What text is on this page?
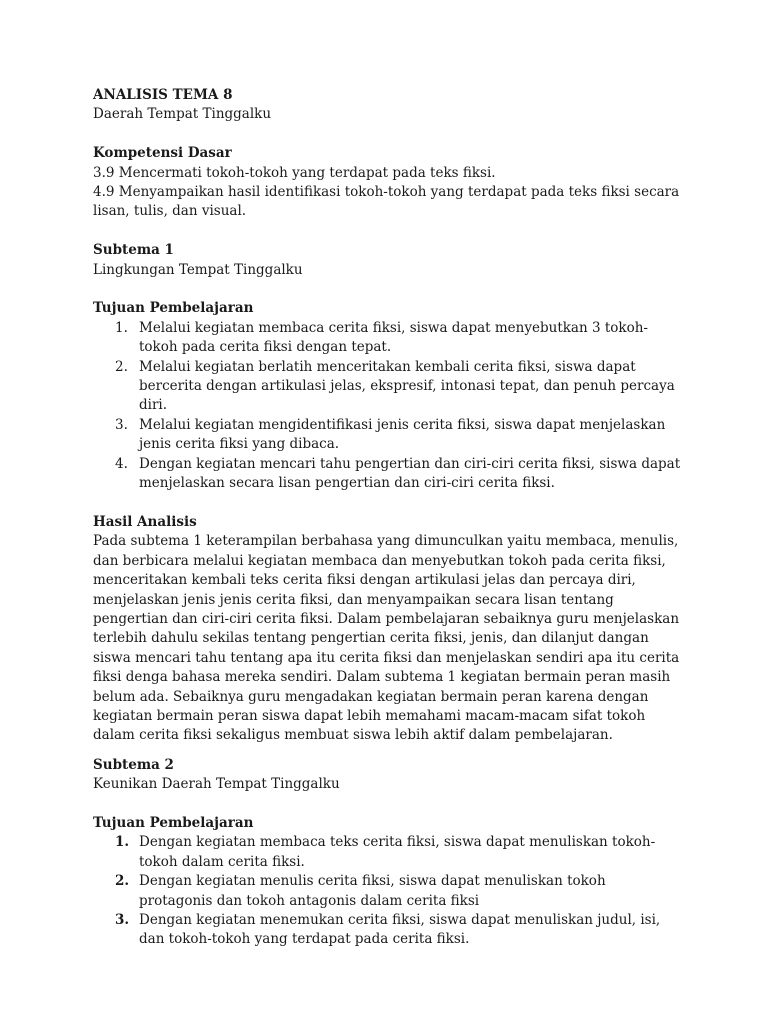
ANALISIS TEMA 8

Daerah Tempat Tinggalku

Kompetensi Dasar

3.9 Mencermati tokoh-tokoh yang terdapat pada teks fiksi.

4.9 Menyampaikan hasil identifikasi tokoh-tokoh yang terdapat pada teks fiksi secara lisan, tulis, dan visual.

Subtema 1

Lingkungan Tempat Tinggalku

Tujuan Pembelajaran

1. Melalui kegiatan membaca cerita fiksi, siswa dapat menyebutkan 3 tokoh-tokoh pada cerita fiksi dengan tepat.
2. Melalui kegiatan berlatih menceritakan kembali cerita fiksi, siswa dapat bercerita dengan artikulasi jelas, ekspresif, intonasi tepat, dan penuh percaya diri.
3. Melalui kegiatan mengidentifikasi jenis cerita fiksi, siswa dapat menjelaskan jenis cerita fiksi yang dibaca.
4. Dengan kegiatan mencari tahu pengertian dan ciri-ciri cerita fiksi, siswa dapat menjelaskan secara lisan pengertian dan ciri-ciri cerita fiksi.

Hasil Analisis

Pada subtema 1 keterampilan berbahasa yang dimunculkan yaitu membaca, menulis, dan berbicara melalui kegiatan membaca dan menyebutkan tokoh pada cerita fiksi, menceritakan kembali teks cerita fiksi dengan artikulasi jelas dan percaya diri, menjelaskan jenis jenis cerita fiksi, dan menyampaikan secara lisan tentang pengertian dan ciri-ciri cerita fiksi. Dalam pembelajaran sebaiknya guru menjelaskan terlebih dahulu sekilas tentang pengertian cerita fiksi, jenis, dan dilanjut dangan siswa mencari tahu tentang apa itu cerita fiksi dan menjelaskan sendiri apa itu cerita fiksi denga bahasa mereka sendiri. Dalam subtema 1 kegiatan bermain peran masih belum ada. Sebaiknya guru mengadakan kegiatan bermain peran karena dengan kegiatan bermain peran siswa dapat lebih memahami macam-macam sifat tokoh dalam cerita fiksi sekaligus membuat siswa lebih aktif dalam pembelajaran.

Subtema 2

Keunikan Daerah Tempat Tinggalku

Tujuan Pembelajaran

1. Dengan kegiatan membaca teks cerita fiksi, siswa dapat menuliskan tokoh-tokoh dalam cerita fiksi.
2. Dengan kegiatan menulis cerita fiksi, siswa dapat menuliskan tokoh protagonis dan tokoh antagonis dalam cerita fiksi
3. Dengan kegiatan menemukan cerita fiksi, siswa dapat menuliskan judul, isi, dan tokoh-tokoh yang terdapat pada cerita fiksi.
